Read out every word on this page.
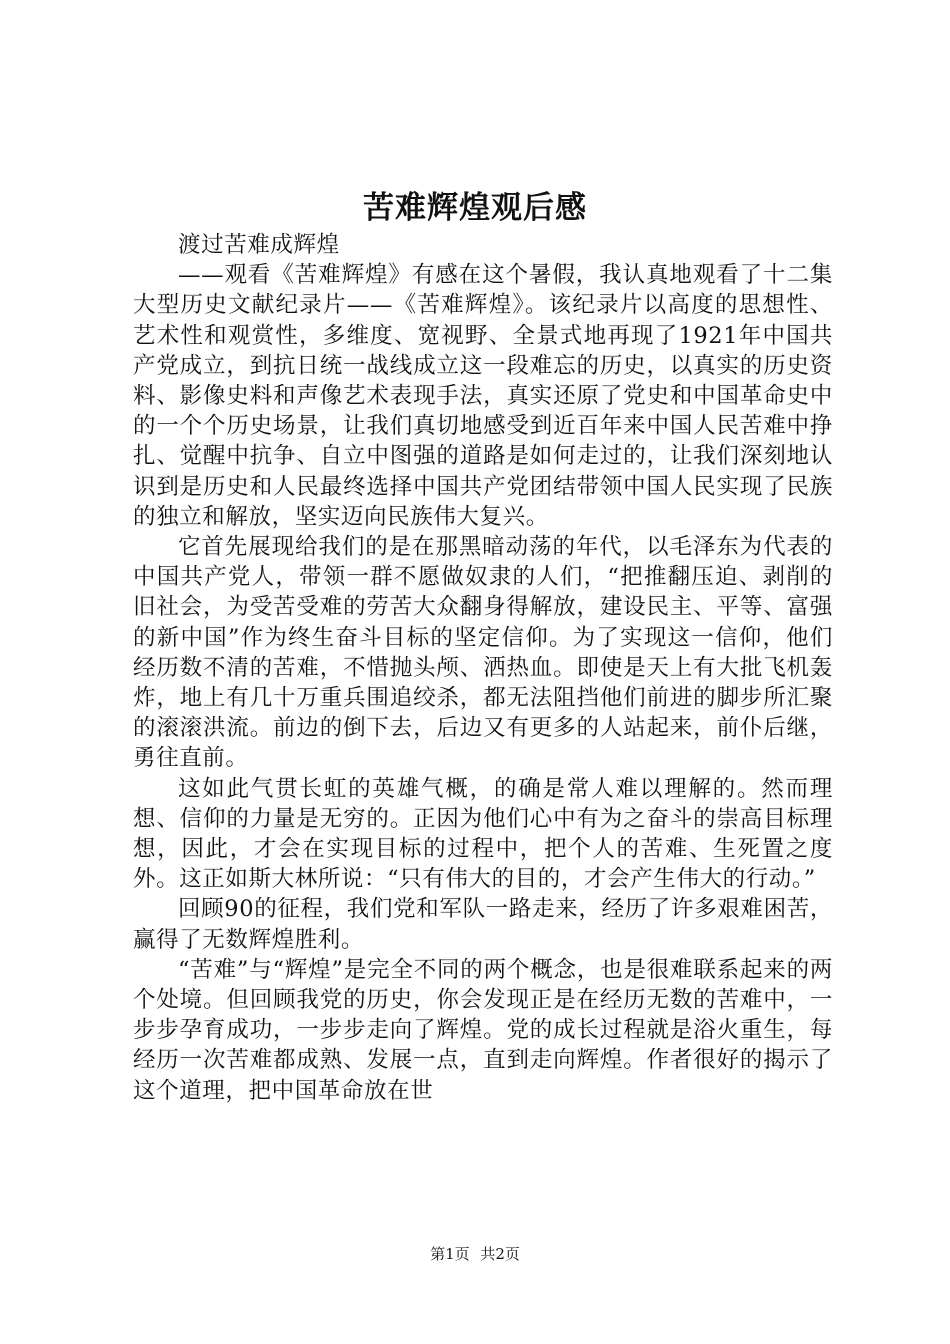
苦难辉煌观后感

渡过苦难成辉煌

——观看《苦难辉煌》有感在这个暑假，我认真地观看了十二集大型历史文献纪录片——《苦难辉煌》。该纪录片以高度的思想性、艺术性和观赏性，多维度、宽视野、全景式地再现了1921年中国共产党成立，到抗日统一战线成立这一段难忘的历史，以真实的历史资料、影像史料和声像艺术表现手法，真实还原了党史和中国革命史中的一个个历史场景，让我们真切地感受到近百年来中国人民苦难中挣扎、觉醒中抗争、自立中图强的道路是如何走过的，让我们深刻地认识到是历史和人民最终选择中国共产党团结带领中国人民实现了民族的独立和解放，坚实迈向民族伟大复兴。

它首先展现给我们的是在那黑暗动荡的年代，以毛泽东为代表的中国共产党人，带领一群不愿做奴隶的人们，“把推翻压迫、剥削的旧社会，为受苦受难的劳苦大众翻身得解放，建设民主、平等、富强的新中国”作为终生奋斗目标的坚定信仰。为了实现这一信仰，他们经历数不清的苦难，不惜抛头颅、洒热血。即使是天上有大批飞机轰炸，地上有几十万重兵围追绞杀，都无法阻挡他们前进的脚步所汇聚的滚滚洪流。前边的倒下去，后边又有更多的人站起来，前仆后继，勇往直前。

这如此气贯长虹的英雄气概，的确是常人难以理解的。然而理想、信仰的力量是无穷的。正因为他们心中有为之奋斗的崇高目标理想，因此，才会在实现目标的过程中，把个人的苦难、生死置之度外。这正如斯大林所说：“只有伟大的目的，才会产生伟大的行动。”

回顾90的征程，我们党和军队一路走来，经历了许多艰难困苦，赢得了无数辉煌胜利。

“苦难”与“辉煌”是完全不同的两个概念，也是很难联系起来的两个处境。但回顾我党的历史，你会发现正是在经历无数的苦难中，一步步孕育成功，一步步走向了辉煌。党的成长过程就是浴火重生，每经历一次苦难都成熟、发展一点，直到走向辉煌。作者很好的揭示了这个道理，把中国革命放在世

第1页 共2页
